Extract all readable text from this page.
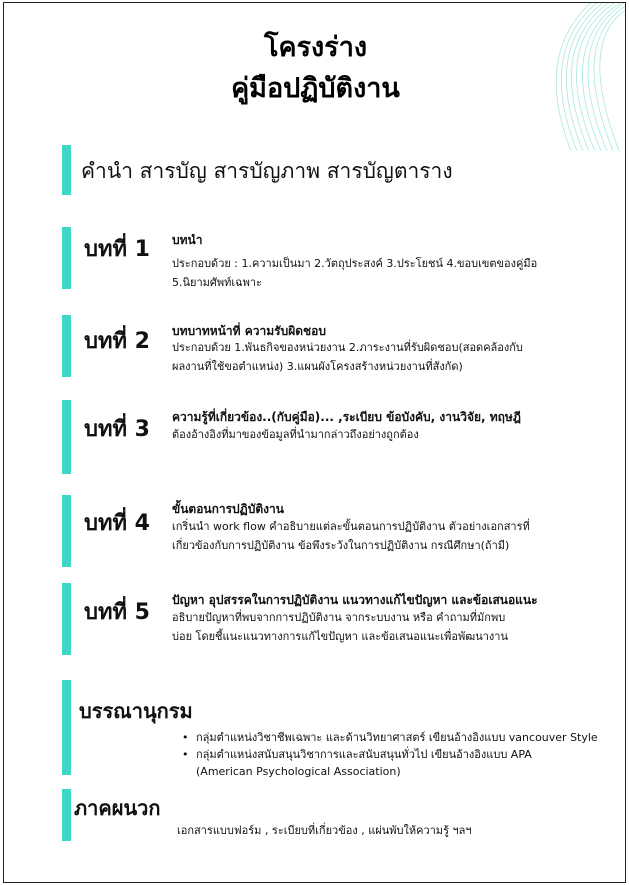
โครงร่าง
คู่มือปฏิบัติงาน
คำนำ สารบัญ สารบัญภาพ สารบัญตาราง
บทที่ 1 บทนำ
ประกอบด้วย : 1.ความเป็นมา 2.วัตถุประสงค์ 3.ประโยชน์ 4.ขอบเขตของคู่มือ
5.นิยามศัพท์เฉพาะ
บทที่ 2 บทบาทหน้าที่ ความรับผิดชอบ
ประกอบด้วย 1.พันธกิจของหน่วยงาน 2.ภาระงานที่รับผิดชอบ(สอดคล้องกับ
ผลงานที่ใช้ขอตำแหน่ง) 3.แผนผังโครงสร้างหน่วยงานที่สังกัด)
บทที่ 3 ความรู้ที่เกี่ยวข้อง..(กับคู่มือ)... ,ระเบียบ ข้อบังคับ, งานวิจัย, ทฤษฎี
ต้องอ้างอิงที่มาของข้อมูลที่นำมากล่าวถึงอย่างถูกต้อง
บทที่ 4
ขั้นตอนการปฏิบัติงาน
เกริ่นนำ work flow คำอธิบายแต่ละขั้นตอนการปฏิบัติงาน ตัวอย่างเอกสารที่
เกี่ยวข้องกับการปฏิบัติงาน ข้อพึงระวังในการปฏิบัติงาน กรณีศึกษา(ถ้ามี)
บทที่ 5 ปัญหา อุปสรรคในการปฏิบัติงาน แนวทางแก้ไขปัญหา และข้อเสนอแนะ
อธิบายปัญหาที่พบจากการปฏิบัติงาน จากระบบงาน หรือ คำถามที่มักพบ
บ่อย โดยชี้แนะแนวทางการแก้ไขปัญหา และข้อเสนอแนะเพื่อพัฒนางาน
บรรณานุกรม
• กลุ่มตำแหน่งวิชาชีพเฉพาะ และด้านวิทยาศาสตร์ เขียนอ้างอิงแบบ vancouver Style
• กลุ่มตำแหน่งสนับสนุนวิชาการและสนับสนุนทั่วไป เขียนอ้างอิงแบบ APA
(American Psychological Association)
ภาคผนวก
เอกสารแบบฟอร์ม , ระเบียบที่เกี่ยวข้อง , แผ่นพับให้ความรู้ ฯลฯ
